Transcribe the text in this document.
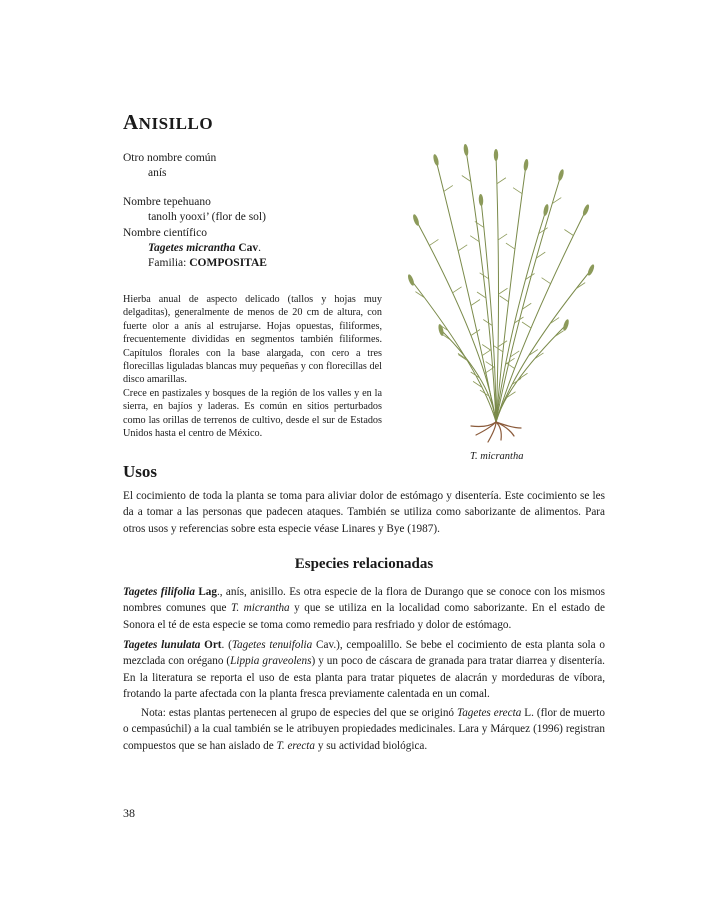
ANISILLO
Otro nombre común
anís
Nombre tepehuano
tanolh yooxi’ (flor de sol)
Nombre científico
Tagetes micrantha Cav.
Familia: COMPOSITAE
Hierba anual de aspecto delicado (tallos y hojas muy delgaditas), generalmente de menos de 20 cm de altura, con fuerte olor a anís al estrujarse. Hojas opuestas, filiformes, frecuentemente divididas en segmentos también filiformes. Capítulos florales con la base alargada, con cero a tres florecillas liguladas blancas muy pequeñas y con florecillas del disco amarillas.
Crece en pastizales y bosques de la región de los valles y en la sierra, en bajíos y laderas. Es común en sitios perturbados como las orillas de terrenos de cultivo, desde el sur de Estados Unidos hasta el centro de México.
T. micrantha
Usos
El cocimiento de toda la planta se toma para aliviar dolor de estómago y disentería. Este cocimiento se les da a tomar a las personas que padecen ataques. También se utiliza como saborizante de alimentos. Para otros usos y referencias sobre esta especie véase Linares y Bye (1987).
Especies relacionadas
Tagetes filifolia Lag., anís, anisillo. Es otra especie de la flora de Durango que se conoce con los mismos nombres comunes que T. micrantha y que se utiliza en la localidad como saborizante. En el estado de Sonora el té de esta especie se toma como remedio para resfriado y dolor de estómago.
Tagetes lunulata Ort. (Tagetes tenuifolia Cav.), cempoalillo. Se bebe el cocimiento de esta planta sola o mezclada con orégano (Lippia graveolens) y un poco de cáscara de granada para tratar diarrea y disentería. En la literatura se reporta el uso de esta planta para tratar piquetes de alacrán y mordeduras de víbora, frotando la parte afectada con la planta fresca previamente calentada en un comal.
Nota: estas plantas pertenecen al grupo de especies del que se originó Tagetes erecta L. (flor de muerto o cempasúchil) a la cual también se le atribuyen propiedades medicinales. Lara y Márquez (1996) registran compuestos que se han aislado de T. erecta y su actividad biológica.
38
